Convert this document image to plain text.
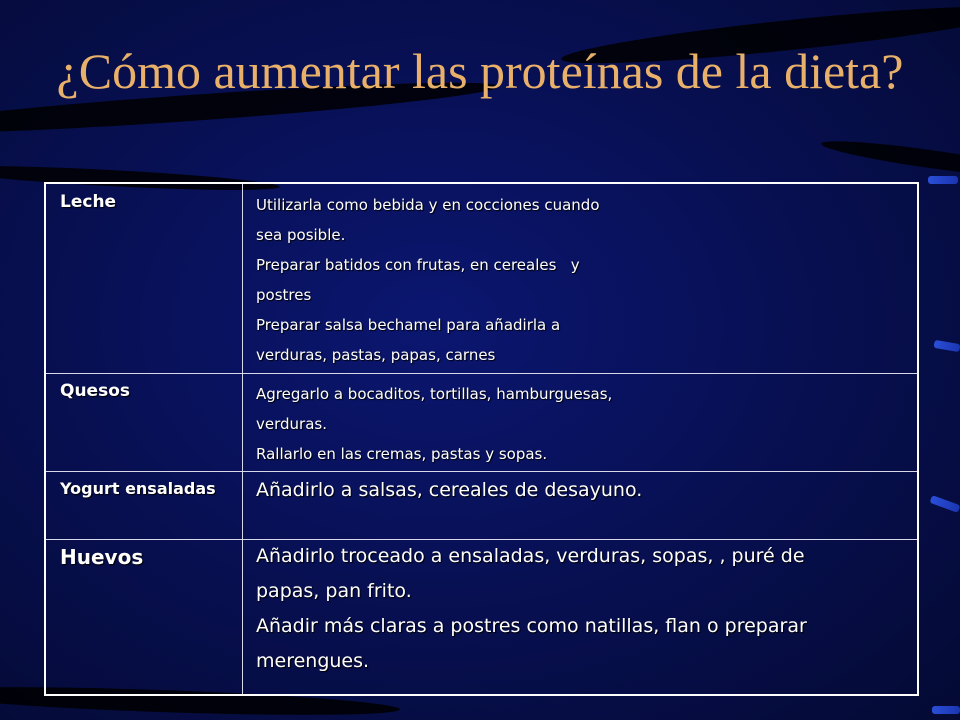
¿Cómo aumentar las proteínas de la dieta?
Leche	Utilizarla como bebida y en cocciones cuando
sea posible.
Preparar batidos con frutas, en cereales   y
postres
Preparar salsa bechamel para añadirla a
verduras, pastas, papas, carnes
Quesos	Agregarlo a bocaditos, tortillas, hamburguesas,
verduras.
Rallarlo en las cremas, pastas y sopas.
Yogurt ensaladas	Añadirlo a salsas, cereales de desayuno.
Huevos	Añadirlo troceado a ensaladas, verduras, sopas, , puré de
papas, pan frito.
Añadir más claras a postres como natillas, flan o preparar
merengues.
